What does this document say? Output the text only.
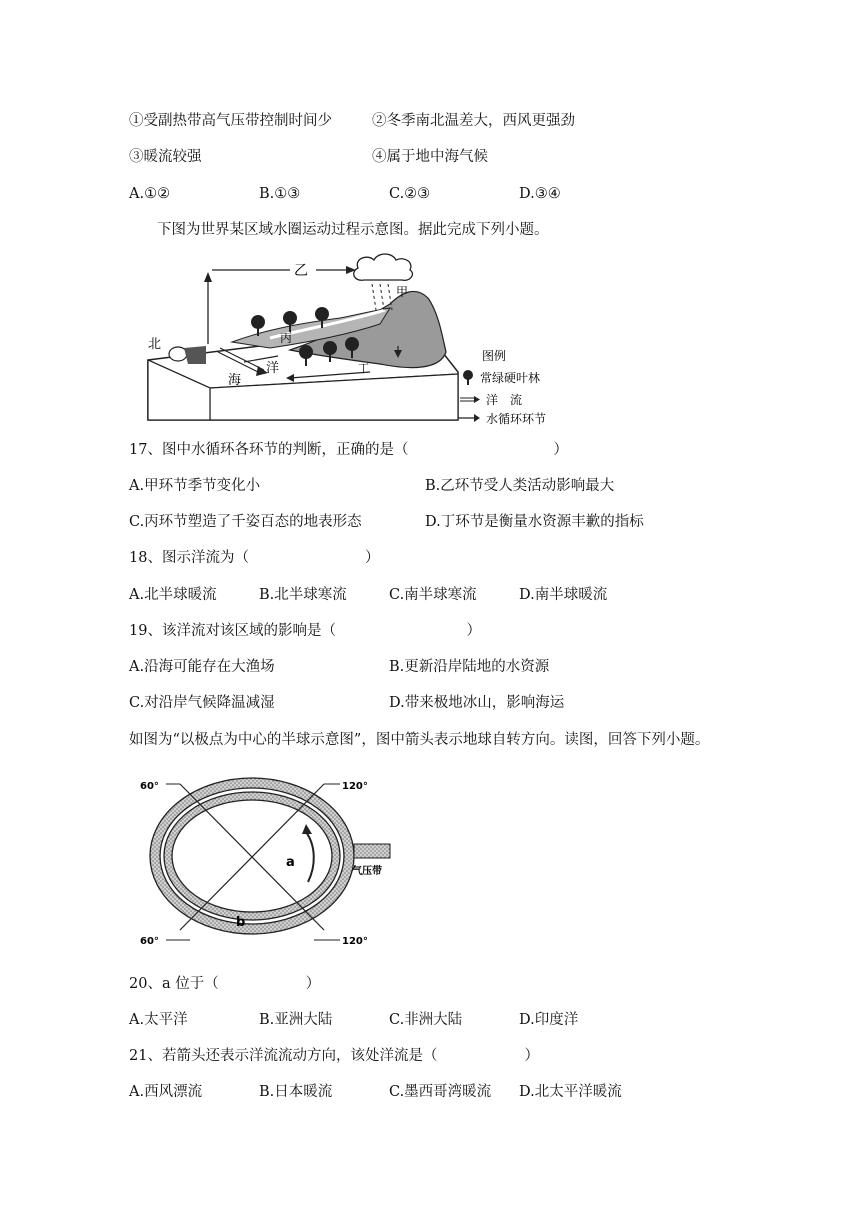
①受副热带高气压带控制时间少	②冬季南北温差大，西风更强劲
③暖流较强	④属于地中海气候
A.①②	B.①③	C.②③	D.③④
下图为世界某区域水圈运动过程示意图。据此完成下列小题。
乙
甲
丙
丁
北
洋
海
图例
常绿硬叶林
洋　流
水循环环节
17、图中水循环各环节的判断，正确的是（　　　　　　　　　　）
A.甲环节季节变化小	B.乙环节受人类活动影响最大
C.丙环节塑造了千姿百态的地表形态	D.丁环节是衡量水资源丰歉的指标
18、图示洋流为（　　　　　　　　）
A.北半球暖流	B.北半球寒流	C.南半球寒流	D.南半球暖流
19、该洋流对该区域的影响是（　　　　　　　　　）
A.沿海可能存在大渔场	B.更新沿岸陆地的水资源
C.对沿岸气候降温减湿	D.带来极地冰山，影响海运
如图为“以极点为中心的半球示意图”，图中箭头表示地球自转方向。读图，回答下列小题。
60°	120°
60°	120°
a
b
气压带
20、a 位于（　　　　　　）
A.太平洋	B.亚洲大陆	C.非洲大陆	D.印度洋
21、若箭头还表示洋流流动方向，该处洋流是（　　　　　　）
A.西风漂流	B.日本暖流	C.墨西哥湾暖流 D.北太平洋暖流
